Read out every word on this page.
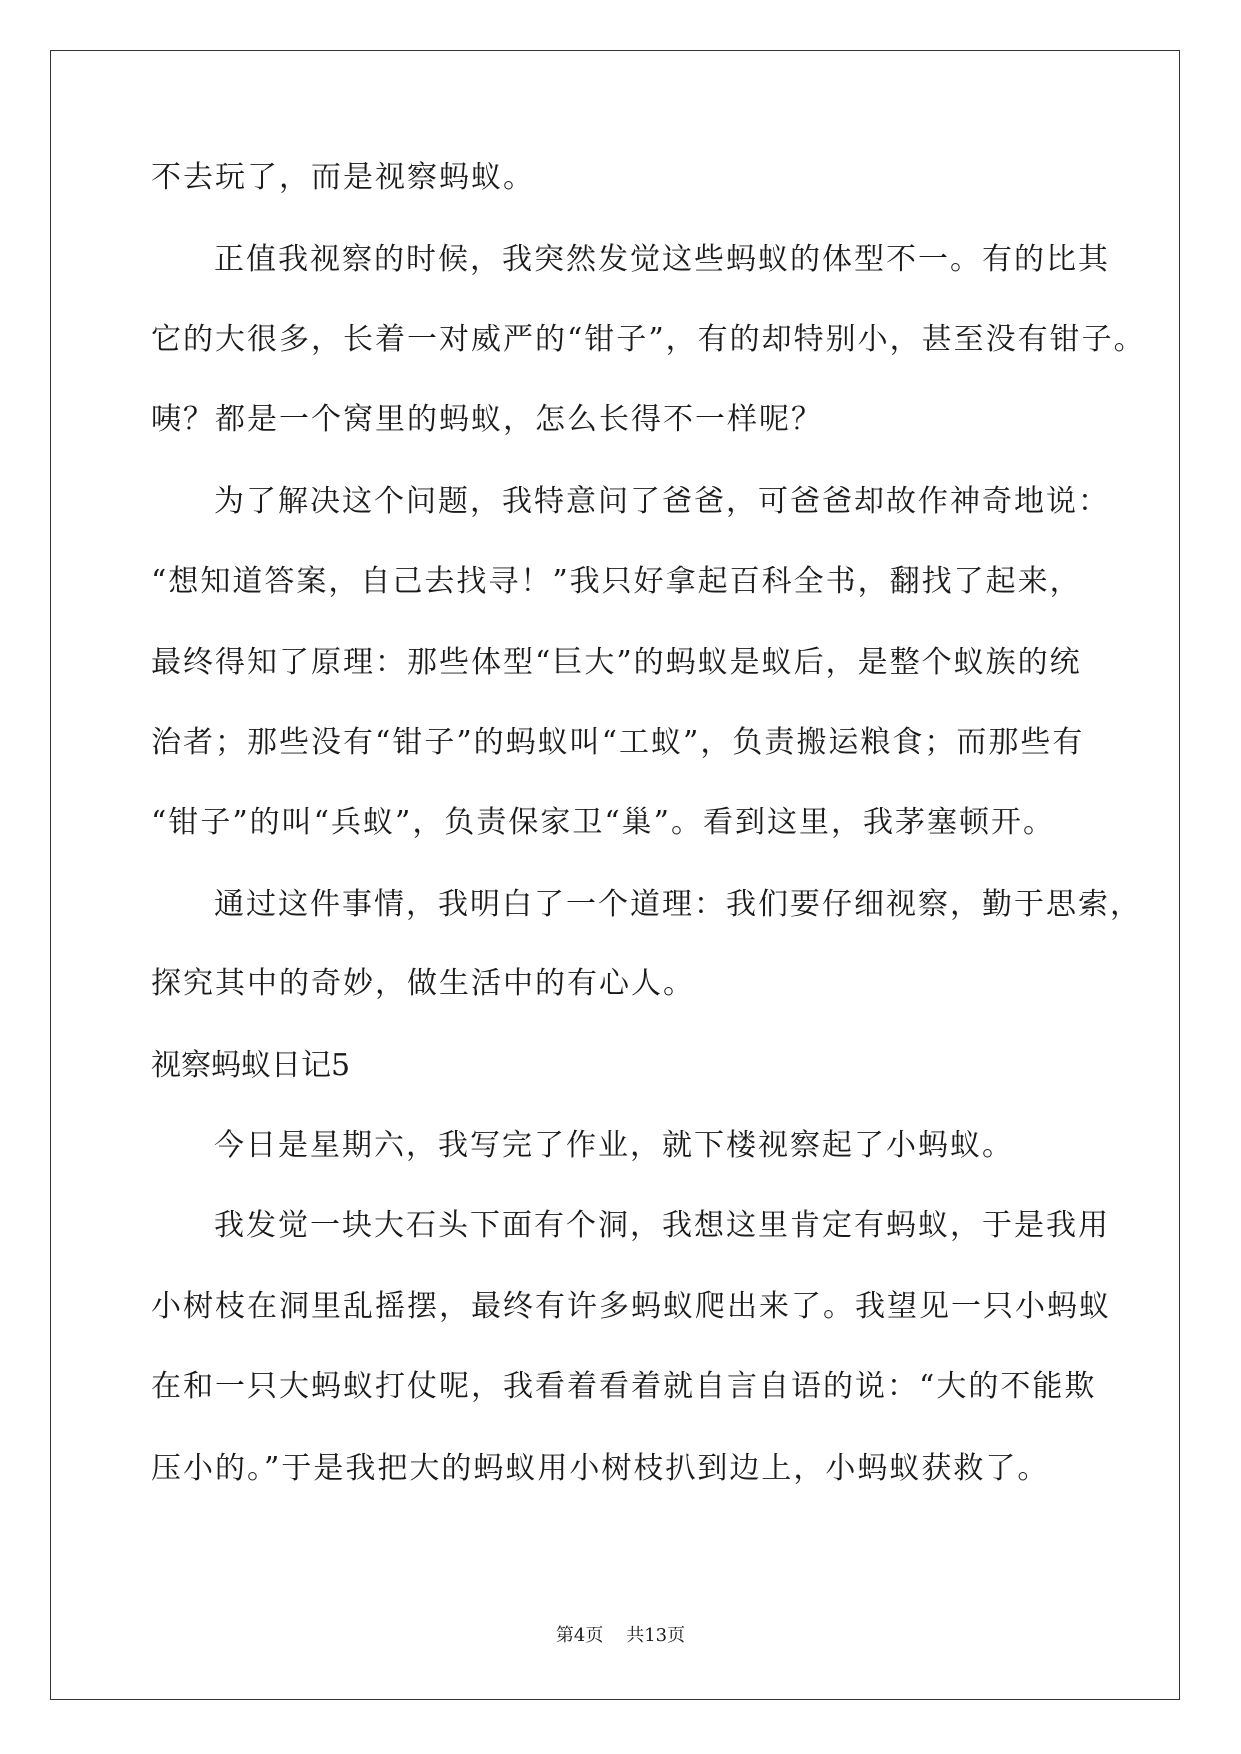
不去玩了，而是视察蚂蚁。
正值我视察的时候，我突然发觉这些蚂蚁的体型不一。有的比其
它的大很多，长着一对威严的“钳子”，有的却特别小，甚至没有钳子。
咦？都是一个窝里的蚂蚁，怎么长得不一样呢？
为了解决这个问题，我特意问了爸爸，可爸爸却故作神奇地说：
“想知道答案，自己去找寻！”我只好拿起百科全书，翻找了起来，
最终得知了原理：那些体型“巨大”的蚂蚁是蚁后，是整个蚁族的统
治者；那些没有“钳子”的蚂蚁叫“工蚁”，负责搬运粮食；而那些有
“钳子”的叫“兵蚁”，负责保家卫“巢”。看到这里，我茅塞顿开。
通过这件事情，我明白了一个道理：我们要仔细视察，勤于思索，
探究其中的奇妙，做生活中的有心人。
视察蚂蚁日记5
今日是星期六，我写完了作业，就下楼视察起了小蚂蚁。
我发觉一块大石头下面有个洞，我想这里肯定有蚂蚁，于是我用
小树枝在洞里乱摇摆，最终有许多蚂蚁爬出来了。我望见一只小蚂蚁
在和一只大蚂蚁打仗呢，我看着看着就自言自语的说：“大的不能欺
压小的。”于是我把大的蚂蚁用小树枝扒到边上，小蚂蚁获救了。
第4页    共13页
